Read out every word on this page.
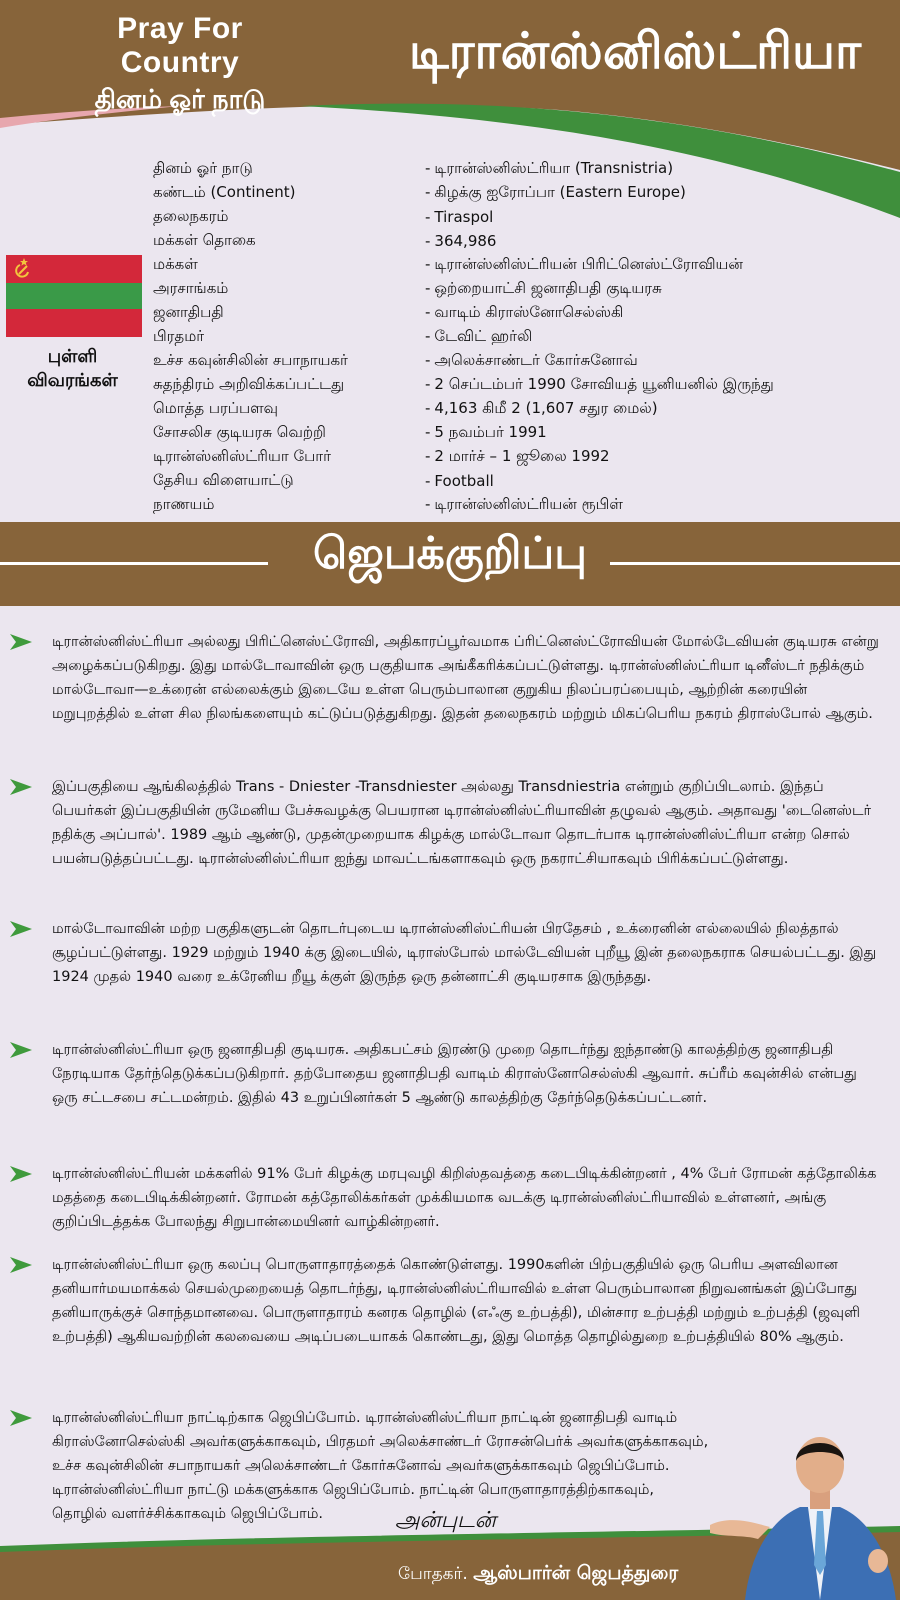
Pray For Country
தினம் ஓர் நாடு
டிரான்ஸ்னிஸ்ட்ரியா
புள்ளி
விவரங்கள்
தினம் ஓர் நாடு	- டிரான்ஸ்னிஸ்ட்ரியா (Transnistria)
கண்டம் (Continent)	- கிழக்கு ஐரோப்பா (Eastern Europe)
தலைநகரம்	- Tiraspol
மக்கள் தொகை	- 364,986
மக்கள்	- டிரான்ஸ்னிஸ்ட்ரியன் பிரிட்னெஸ்ட்ரோவியன்
அரசாங்கம்	- ஒற்றையாட்சி ஜனாதிபதி குடியரசு
ஜனாதிபதி	- வாடிம் கிராஸ்னோசெல்ஸ்கி
பிரதமர்	- டேவிட் ஹர்லி
உச்ச கவுன்சிலின் சபாநாயகர்	- அலெக்சாண்டர் கோர்சுனோவ்
சுதந்திரம் அறிவிக்கப்பட்டது	- 2 செப்டம்பர் 1990 சோவியத் யூனியனில் இருந்து
மொத்த பரப்பளவு	- 4,163 கிமீ 2 (1,607 சதுர மைல்)
சோசலிச குடியரசு வெற்றி	- 5 நவம்பர் 1991
டிரான்ஸ்னிஸ்ட்ரியா போர்	- 2 மார்ச் – 1 ஜூலை 1992
தேசிய விளையாட்டு	- Football
நாணயம்	- டிரான்ஸ்னிஸ்ட்ரியன் ரூபிள்
ஜெபக்குறிப்பு
டிரான்ஸ்னிஸ்ட்ரியா அல்லது பிரிட்னெஸ்ட்ரோவி, அதிகாரப்பூர்வமாக ப்ரிட்னெஸ்ட்ரோவியன் மோல்டேவியன் குடியரசு என்று அழைக்கப்படுகிறது. இது மால்டோவாவின் ஒரு பகுதியாக அங்கீகரிக்கப்பட்டுள்ளது. டிரான்ஸ்னிஸ்ட்ரியா டினீஸ்டர் நதிக்கும் மால்டோவா—உக்ரைன் எல்லைக்கும் இடையே உள்ள பெரும்பாலான குறுகிய நிலப்பரப்பையும், ஆற்றின் கரையின் மறுபுறத்தில் உள்ள சில நிலங்களையும் கட்டுப்படுத்துகிறது. இதன் தலைநகரம் மற்றும் மிகப்பெரிய நகரம் திராஸ்போல் ஆகும்.
இப்பகுதியை ஆங்கிலத்தில் Trans - Dniester -Transdniester அல்லது Transdniestria என்றும் குறிப்பிடலாம். இந்தப் பெயர்கள் இப்பகுதியின் ருமேனிய பேச்சுவழக்கு பெயரான டிரான்ஸ்னிஸ்ட்ரியாவின் தழுவல் ஆகும். அதாவது 'டைனெஸ்டர் நதிக்கு அப்பால்'. 1989 ஆம் ஆண்டு, முதன்முறையாக கிழக்கு மால்டோவா தொடர்பாக டிரான்ஸ்னிஸ்ட்ரியா என்ற சொல் பயன்படுத்தப்பட்டது. டிரான்ஸ்னிஸ்ட்ரியா ஐந்து மாவட்டங்களாகவும் ஒரு நகராட்சியாகவும் பிரிக்கப்பட்டுள்ளது.
மால்டோவாவின் மற்ற பகுதிகளுடன் தொடர்புடைய டிரான்ஸ்னிஸ்ட்ரியன் பிரதேசம் , உக்ரைனின் எல்லையில் நிலத்தால் சூழப்பட்டுள்ளது. 1929 மற்றும் 1940 க்கு இடையில், டிராஸ்போல் மால்டேவியன் புறீயூ இன் தலைநகராக செயல்பட்டது. இது 1924 முதல் 1940 வரை உக்ரேனிய றீயூ க்குள் இருந்த ஒரு தன்னாட்சி குடியரசாக இருந்தது.
டிரான்ஸ்னிஸ்ட்ரியா ஒரு ஜனாதிபதி குடியரசு. அதிகபட்சம் இரண்டு முறை தொடர்ந்து ஐந்தாண்டு காலத்திற்கு ஜனாதிபதி நேரடியாக தேர்ந்தெடுக்கப்படுகிறார். தற்போதைய ஜனாதிபதி வாடிம் கிராஸ்னோசெல்ஸ்கி ஆவார். சுப்ரீம் கவுன்சில் என்பது ஒரு சட்டசபை சட்டமன்றம். இதில் 43 உறுப்பினர்கள் 5 ஆண்டு காலத்திற்கு தேர்ந்தெடுக்கப்பட்டனர்.
டிரான்ஸ்னிஸ்ட்ரியன் மக்களில் 91% பேர் கிழக்கு மரபுவழி கிறிஸ்தவத்தை கடைபிடிக்கின்றனர் , 4% பேர் ரோமன் கத்தோலிக்க மதத்தை கடைபிடிக்கின்றனர். ரோமன் கத்தோலிக்கர்கள் முக்கியமாக வடக்கு டிரான்ஸ்னிஸ்ட்ரியாவில் உள்ளனர், அங்கு குறிப்பிடத்தக்க போலந்து சிறுபான்மையினர் வாழ்கின்றனர்.
டிரான்ஸ்னிஸ்ட்ரியா ஒரு கலப்பு பொருளாதாரத்தைக் கொண்டுள்ளது. 1990களின் பிற்பகுதியில் ஒரு பெரிய அளவிலான தனியார்மயமாக்கல் செயல்முறையைத் தொடர்ந்து, டிரான்ஸ்னிஸ்ட்ரியாவில் உள்ள பெரும்பாலான நிறுவனங்கள் இப்போது தனியாருக்குச் சொந்தமானவை. பொருளாதாரம் கனரக தொழில் (எஃகு உற்பத்தி), மின்சார உற்பத்தி மற்றும் உற்பத்தி (ஜவுளி உற்பத்தி) ஆகியவற்றின் கலவையை அடிப்படையாகக் கொண்டது, இது மொத்த தொழில்துறை உற்பத்தியில் 80% ஆகும்.
டிரான்ஸ்னிஸ்ட்ரியா நாட்டிற்காக ஜெபிப்போம். டிரான்ஸ்னிஸ்ட்ரியா நாட்டின் ஜனாதிபதி வாடிம் கிராஸ்னோசெல்ஸ்கி அவர்களுக்காகவும், பிரதமர் அலெக்சாண்டர் ரோசன்பெர்க் அவர்களுக்காகவும், உச்ச கவுன்சிலின் சபாநாயகர் அலெக்சாண்டர் கோர்சுனோவ் அவர்களுக்காகவும் ஜெபிப்போம். டிரான்ஸ்னிஸ்ட்ரியா நாட்டு மக்களுக்காக ஜெபிப்போம். நாட்டின் பொருளாதாரத்திற்காகவும், தொழில் வளர்ச்சிக்காகவும் ஜெபிப்போம்.	அன்புடன்
போதகர். ஆஸ்பார்ன் ஜெபத்துரை
